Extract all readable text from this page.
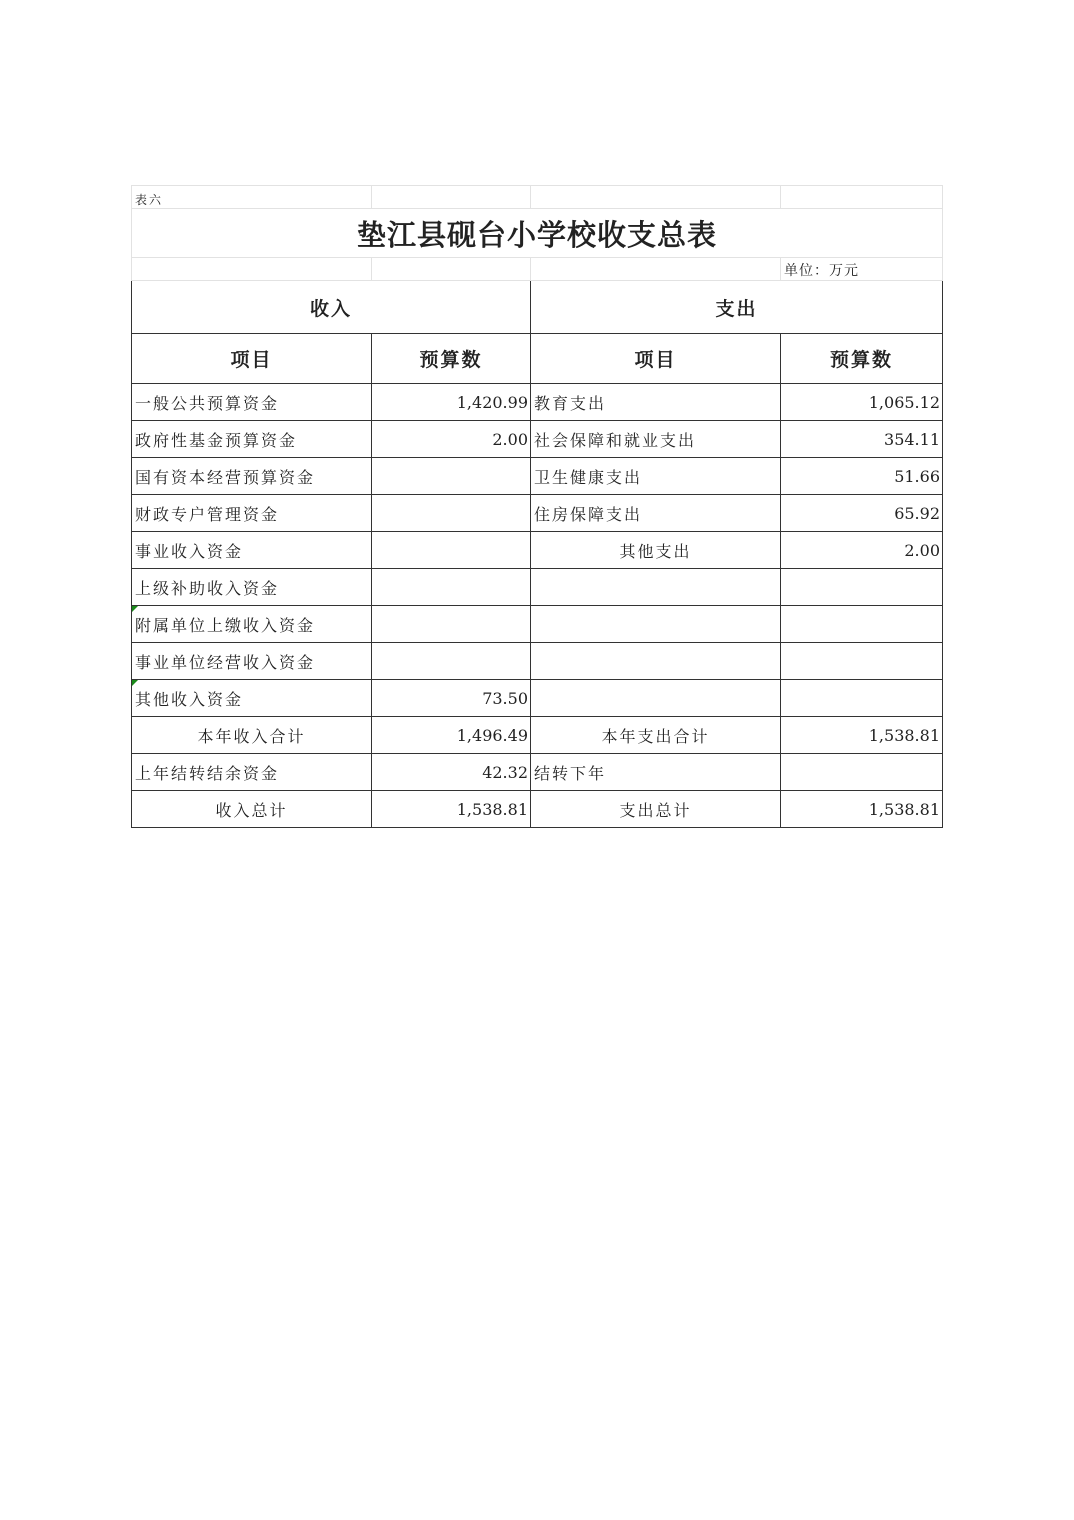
表六			
垫江县砚台小学校收支总表			
			单位：万元
收入		支出	
项目	预算数	项目	预算数
一般公共预算资金	1,420.99	教育支出	1,065.12
政府性基金预算资金	2.00	社会保障和就业支出	354.11
国有资本经营预算资金		卫生健康支出	51.66
财政专户管理资金		住房保障支出	65.92
事业收入资金		其他支出	2.00
上级补助收入资金			
附属单位上缴收入资金			
事业单位经营收入资金			
其他收入资金	73.50		
本年收入合计	1,496.49	本年支出合计	1,538.81
上年结转结余资金	42.32	结转下年	
收入总计	1,538.81	支出总计	1,538.81
